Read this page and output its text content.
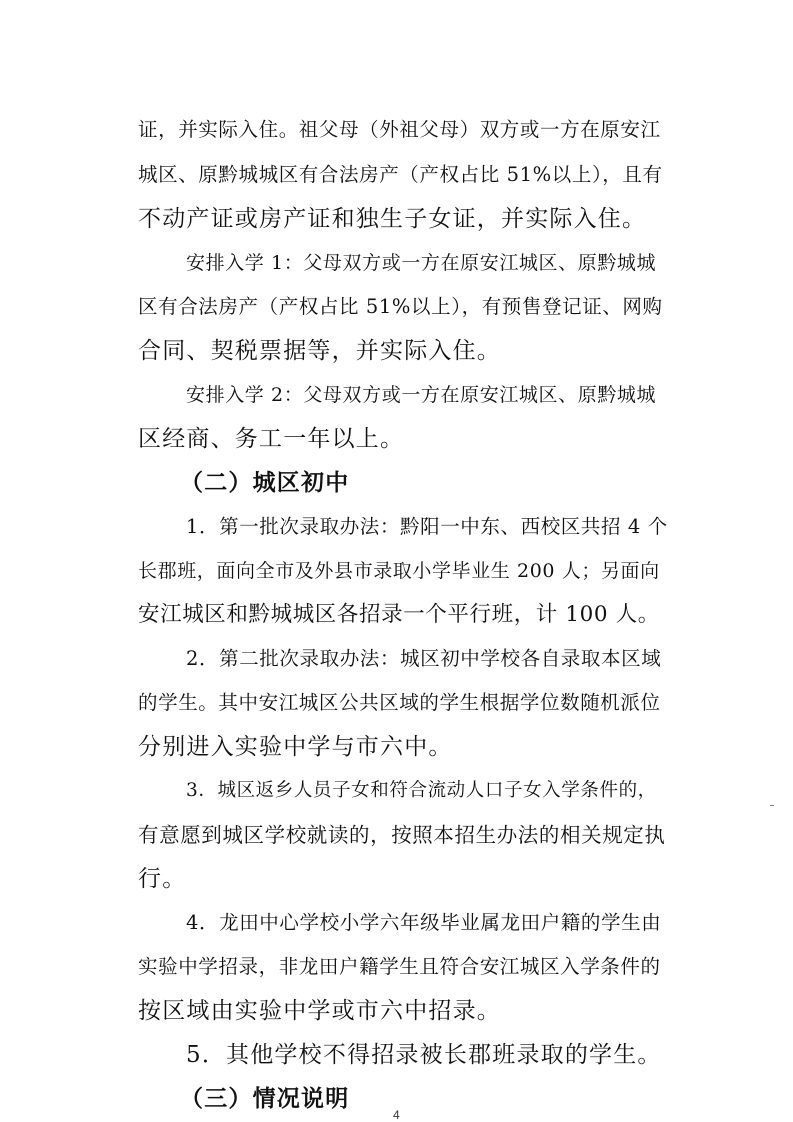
证，并实际入住。祖父母（外祖父母）双方或一方在原安江
城区、原黔城城区有合法房产（产权占比 51%以上），且有
不动产证或房产证和独生子女证，并实际入住。
安排入学 1：父母双方或一方在原安江城区、原黔城城
区有合法房产（产权占比 51%以上），有预售登记证、网购
合同、契税票据等，并实际入住。
安排入学 2：父母双方或一方在原安江城区、原黔城城
区经商、务工一年以上。
（二）城区初中
1．第一批次录取办法：黔阳一中东、西校区共招 4 个
长郡班，面向全市及外县市录取小学毕业生 200 人；另面向
安江城区和黔城城区各招录一个平行班，计 100 人。
2．第二批次录取办法：城区初中学校各自录取本区域
的学生。其中安江城区公共区域的学生根据学位数随机派位
分别进入实验中学与市六中。
3．城区返乡人员子女和符合流动人口子女入学条件的，
有意愿到城区学校就读的，按照本招生办法的相关规定执
行。
4．龙田中心学校小学六年级毕业属龙田户籍的学生由
实验中学招录，非龙田户籍学生且符合安江城区入学条件的
按区域由实验中学或市六中招录。
5．其他学校不得招录被长郡班录取的学生。
（三）情况说明
4
